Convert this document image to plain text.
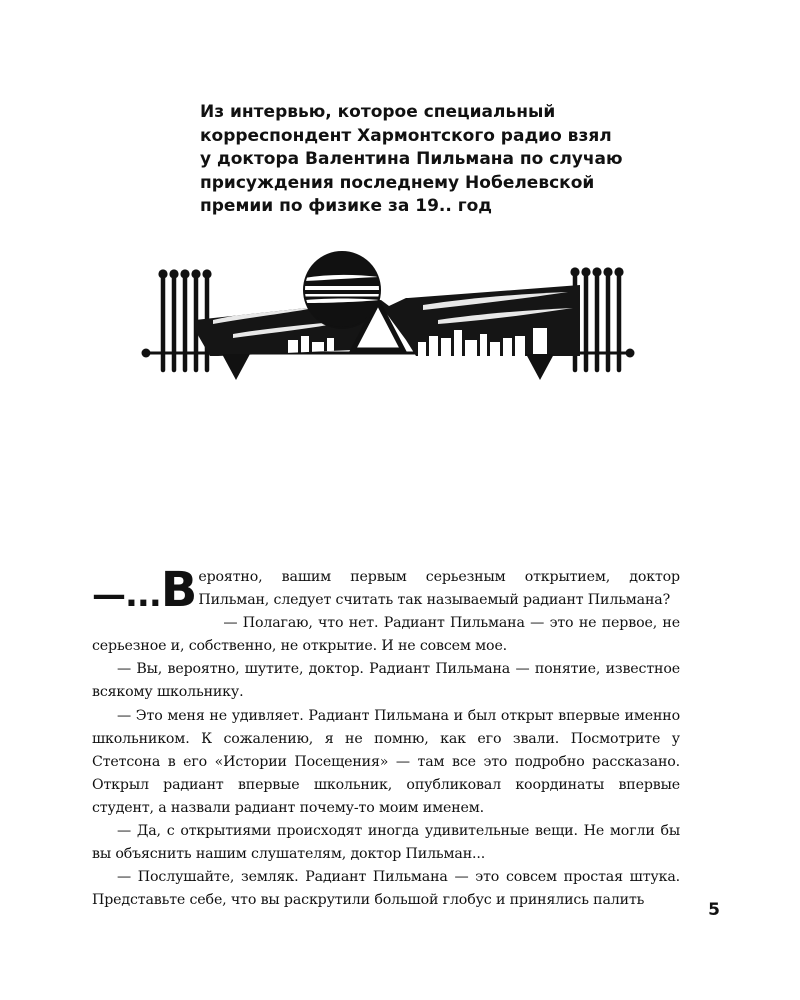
Из интервью, которое специальный
корреспондент Хармонтского радио взял
у доктора Валентина Пильмана по случаю
присуждения последнему Нобелевской
премии по физике за 19.. год

—...В ероятно, вашим первым серьезным открытием, доктор Пильман, следует считать так называемый радиант Пильмана?

— Полагаю, что нет. Радиант Пильмана — это не первое, не серьезное и, собственно, не открытие. И не совсем мое.

— Вы, вероятно, шутите, доктор. Радиант Пильмана — понятие, известное всякому школьнику.

— Это меня не удивляет. Радиант Пильмана и был открыт впервые именно школьником. К сожалению, я не помню, как его звали. Посмотрите у Стетсона в его «Истории Посещения» — там все это подробно рассказано. Открыл радиант впервые школьник, опубликовал координаты впервые студент, а назвали радиант почему-то моим именем.

— Да, с открытиями происходят иногда удивительные вещи. Не могли бы вы объяснить нашим слушателям, доктор Пильман...

— Послушайте, земляк. Радиант Пильмана — это совсем простая штука. Представьте себе, что вы раскрутили большой глобус и принялись палить	5
